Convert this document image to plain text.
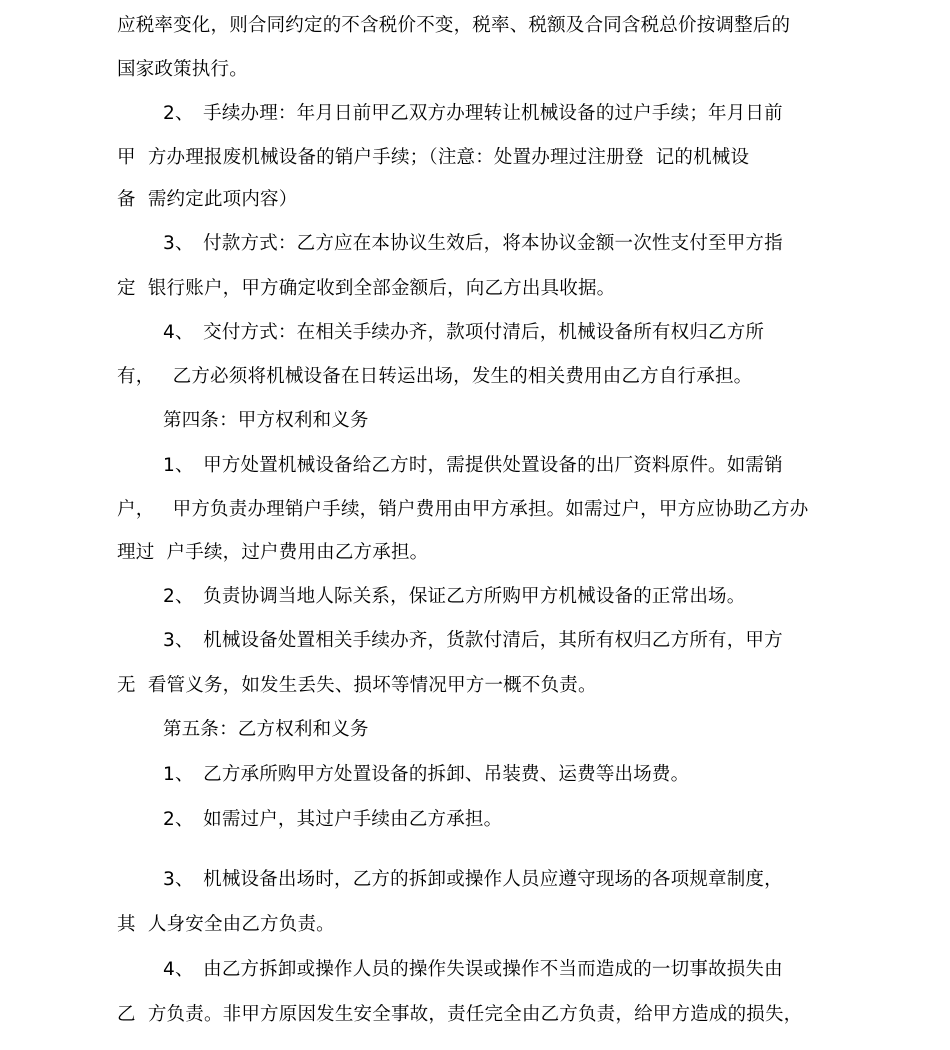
应税率变化，则合同约定的不含税价不变，税率、税额及合同含税总价按调整后的
国家政策执行。
2、　手续办理：年月日前甲乙双方办理转让机械设备的过户手续；年月日前
甲  方办理报废机械设备的销户手续；（注意：处置办理过注册登  记的机械设
备  需约定此项内容）
3、　付款方式：乙方应在本协议生效后，将本协议金额一次性支付至甲方指
定  银行账户，甲方确定收到全部金额后，向乙方出具收据。
4、　交付方式：在相关手续办齐，款项付清后，机械设备所有权归乙方所
有，   乙方必须将机械设备在日转运出场，发生的相关费用由乙方自行承担。
第四条：甲方权利和义务
1、　甲方处置机械设备给乙方时，需提供处置设备的出厂资料原件。如需销
户，   甲方负责办理销户手续，销户费用由甲方承担。如需过户，甲方应协助乙方办
理过  户手续，过户费用由乙方承担。
2、　负责协调当地人际关系，保证乙方所购甲方机械设备的正常出场。
3、　机械设备处置相关手续办齐，货款付清后，其所有权归乙方所有，甲方
无  看管义务，如发生丢失、损坏等情况甲方一概不负责。
第五条：乙方权利和义务
1、　乙方承所购甲方处置设备的拆卸、吊装费、运费等出场费。
2、　如需过户，其过户手续由乙方承担。
3、　机械设备出场时，乙方的拆卸或操作人员应遵守现场的各项规章制度，
其  人身安全由乙方负责。
4、　由乙方拆卸或操作人员的操作失误或操作不当而造成的一切事故损失由
乙  方负责。非甲方原因发生安全事故，责任完全由乙方负责，给甲方造成的损失，
